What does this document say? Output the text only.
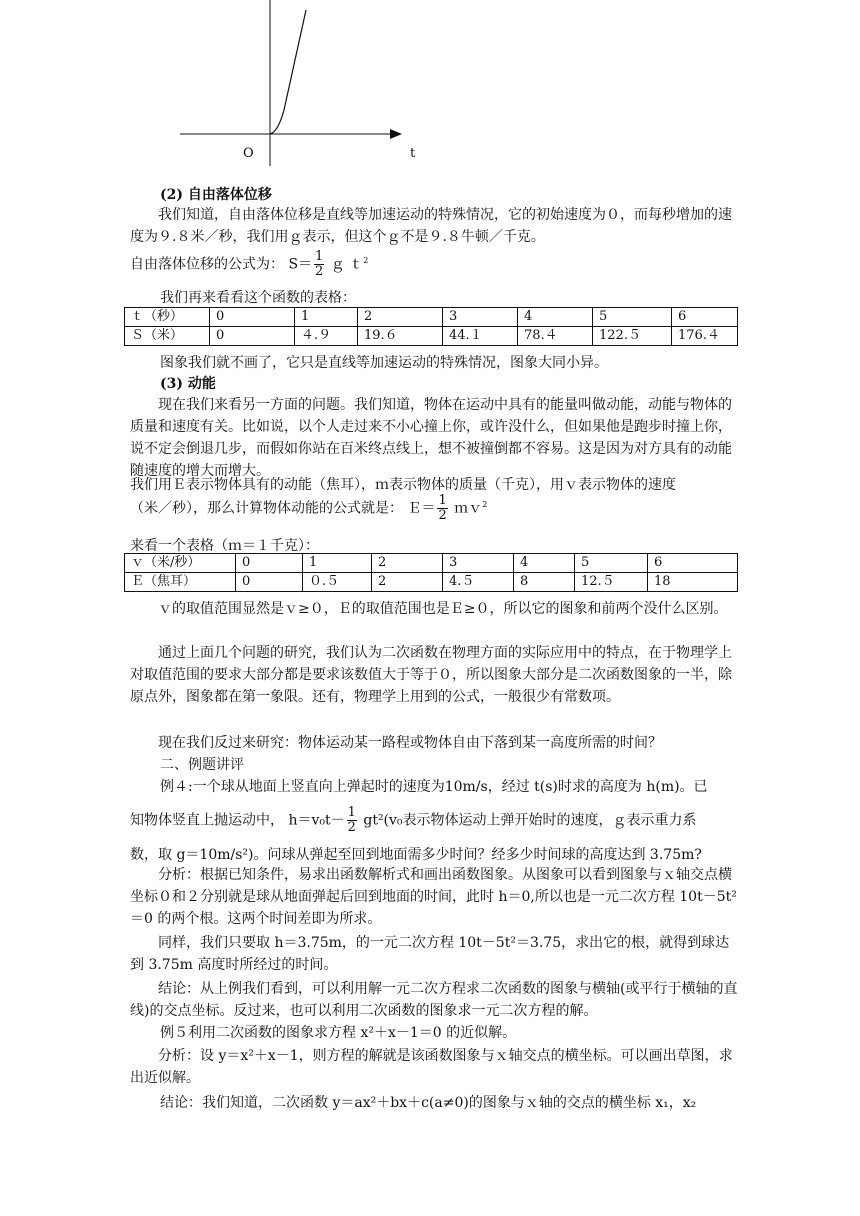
O	t
(2) 自由落体位移
我们知道，自由落体位移是直线等加速运动的特殊情况，它的初始速度为０，而每秒增加的速度为９.８米／秒，我们用ｇ表示，但这个ｇ不是９.８牛顿／千克。
自由落体位移的公式为： $S= \frac{1}{2}$ ｇ ｔ$^2$
我们再来看看这个函数的表格：
ｔ（秒）	0	1	2	3	4	5	6
Ｓ（米）	0	４.９	19.６	44.１	78.４	122.５	176.４
图象我们就不画了，它只是直线等加速运动的特殊情况，图象大同小异。
(3) 动能
现在我们来看另一方面的问题。我们知道，物体在运动中具有的能量叫做动能，动能与物体的质量和速度有关。比如说，以个人走过来不小心撞上你，或许没什么，但如果他是跑步时撞上你，说不定会倒退几步，而假如你站在百米终点线上，想不被撞倒都不容易。这是因为对方具有的动能随速度的增大而增大。
我们用Ｅ表示物体具有的动能（焦耳），ｍ表示物体的质量（千克），用ｖ表示物体的速度
（米／秒），那么计算物体动能的公式就是： Ｅ＝ $\frac{1}{2}$ ｍｖ$^2$
来看一个表格（ｍ＝１千克）：
ｖ（米/秒）	0	1	2	3	4	5	6
Ｅ（焦耳）	0	０.５	2	4.５	8	12.５	18
ｖ的取值范围显然是ｖ≥０，Ｅ的取值范围也是Ｅ≥０，所以它的图象和前两个没什么区别。
通过上面几个问题的研究，我们认为二次函数在物理方面的实际应用中的特点，在于物理学上对取值范围的要求大部分都是要求该数值大于等于０，所以图象大部分是二次函数图象的一半，除原点外，图象都在第一象限。还有，物理学上用到的公式，一般很少有常数项。
现在我们反过来研究：物体运动某一路程或物体自由下落到某一高度所需的时间？
二、例题讲评
例４:一个球从地面上竖直向上弹起时的速度为10m/s，经过 t(s)时求的高度为 h(m)。已
知物体竖直上抛运动中， $h=v_0t- \frac{1}{2} gt^2(v_0$表示物体运动上弹开始时的速度，ｇ表示重力系
数，取 g＝10m/s²)。问球从弹起至回到地面需多少时间？经多少时间球的高度达到 3.75m?
分析：根据已知条件，易求出函数解析式和画出函数图象。从图象可以看到图象与ｘ轴交点横坐标０和２分别就是球从地面弹起后回到地面的时间，此时 h＝0,所以也是一元二次方程 10t－5t²＝0 的两个根。这两个时间差即为所求。
同样，我们只要取 h＝3.75m，的一元二次方程 10t－5t²＝3.75，求出它的根，就得到球达到 3.75m 高度时所经过的时间。
结论：从上例我们看到，可以利用解一元二次方程求二次函数的图象与横轴(或平行于横轴的直线)的交点坐标。反过来，也可以利用二次函数的图象求一元二次方程的解。
例５利用二次函数的图象求方程 x²＋x－1＝0 的近似解。
分析：设 y＝x²＋x－1，则方程的解就是该函数图象与ｘ轴交点的横坐标。可以画出草图，求出近似解。
结论：我们知道，二次函数 y＝ax²＋bx＋c(a≠0)的图象与ｘ轴的交点的横坐标 x₁，x₂
